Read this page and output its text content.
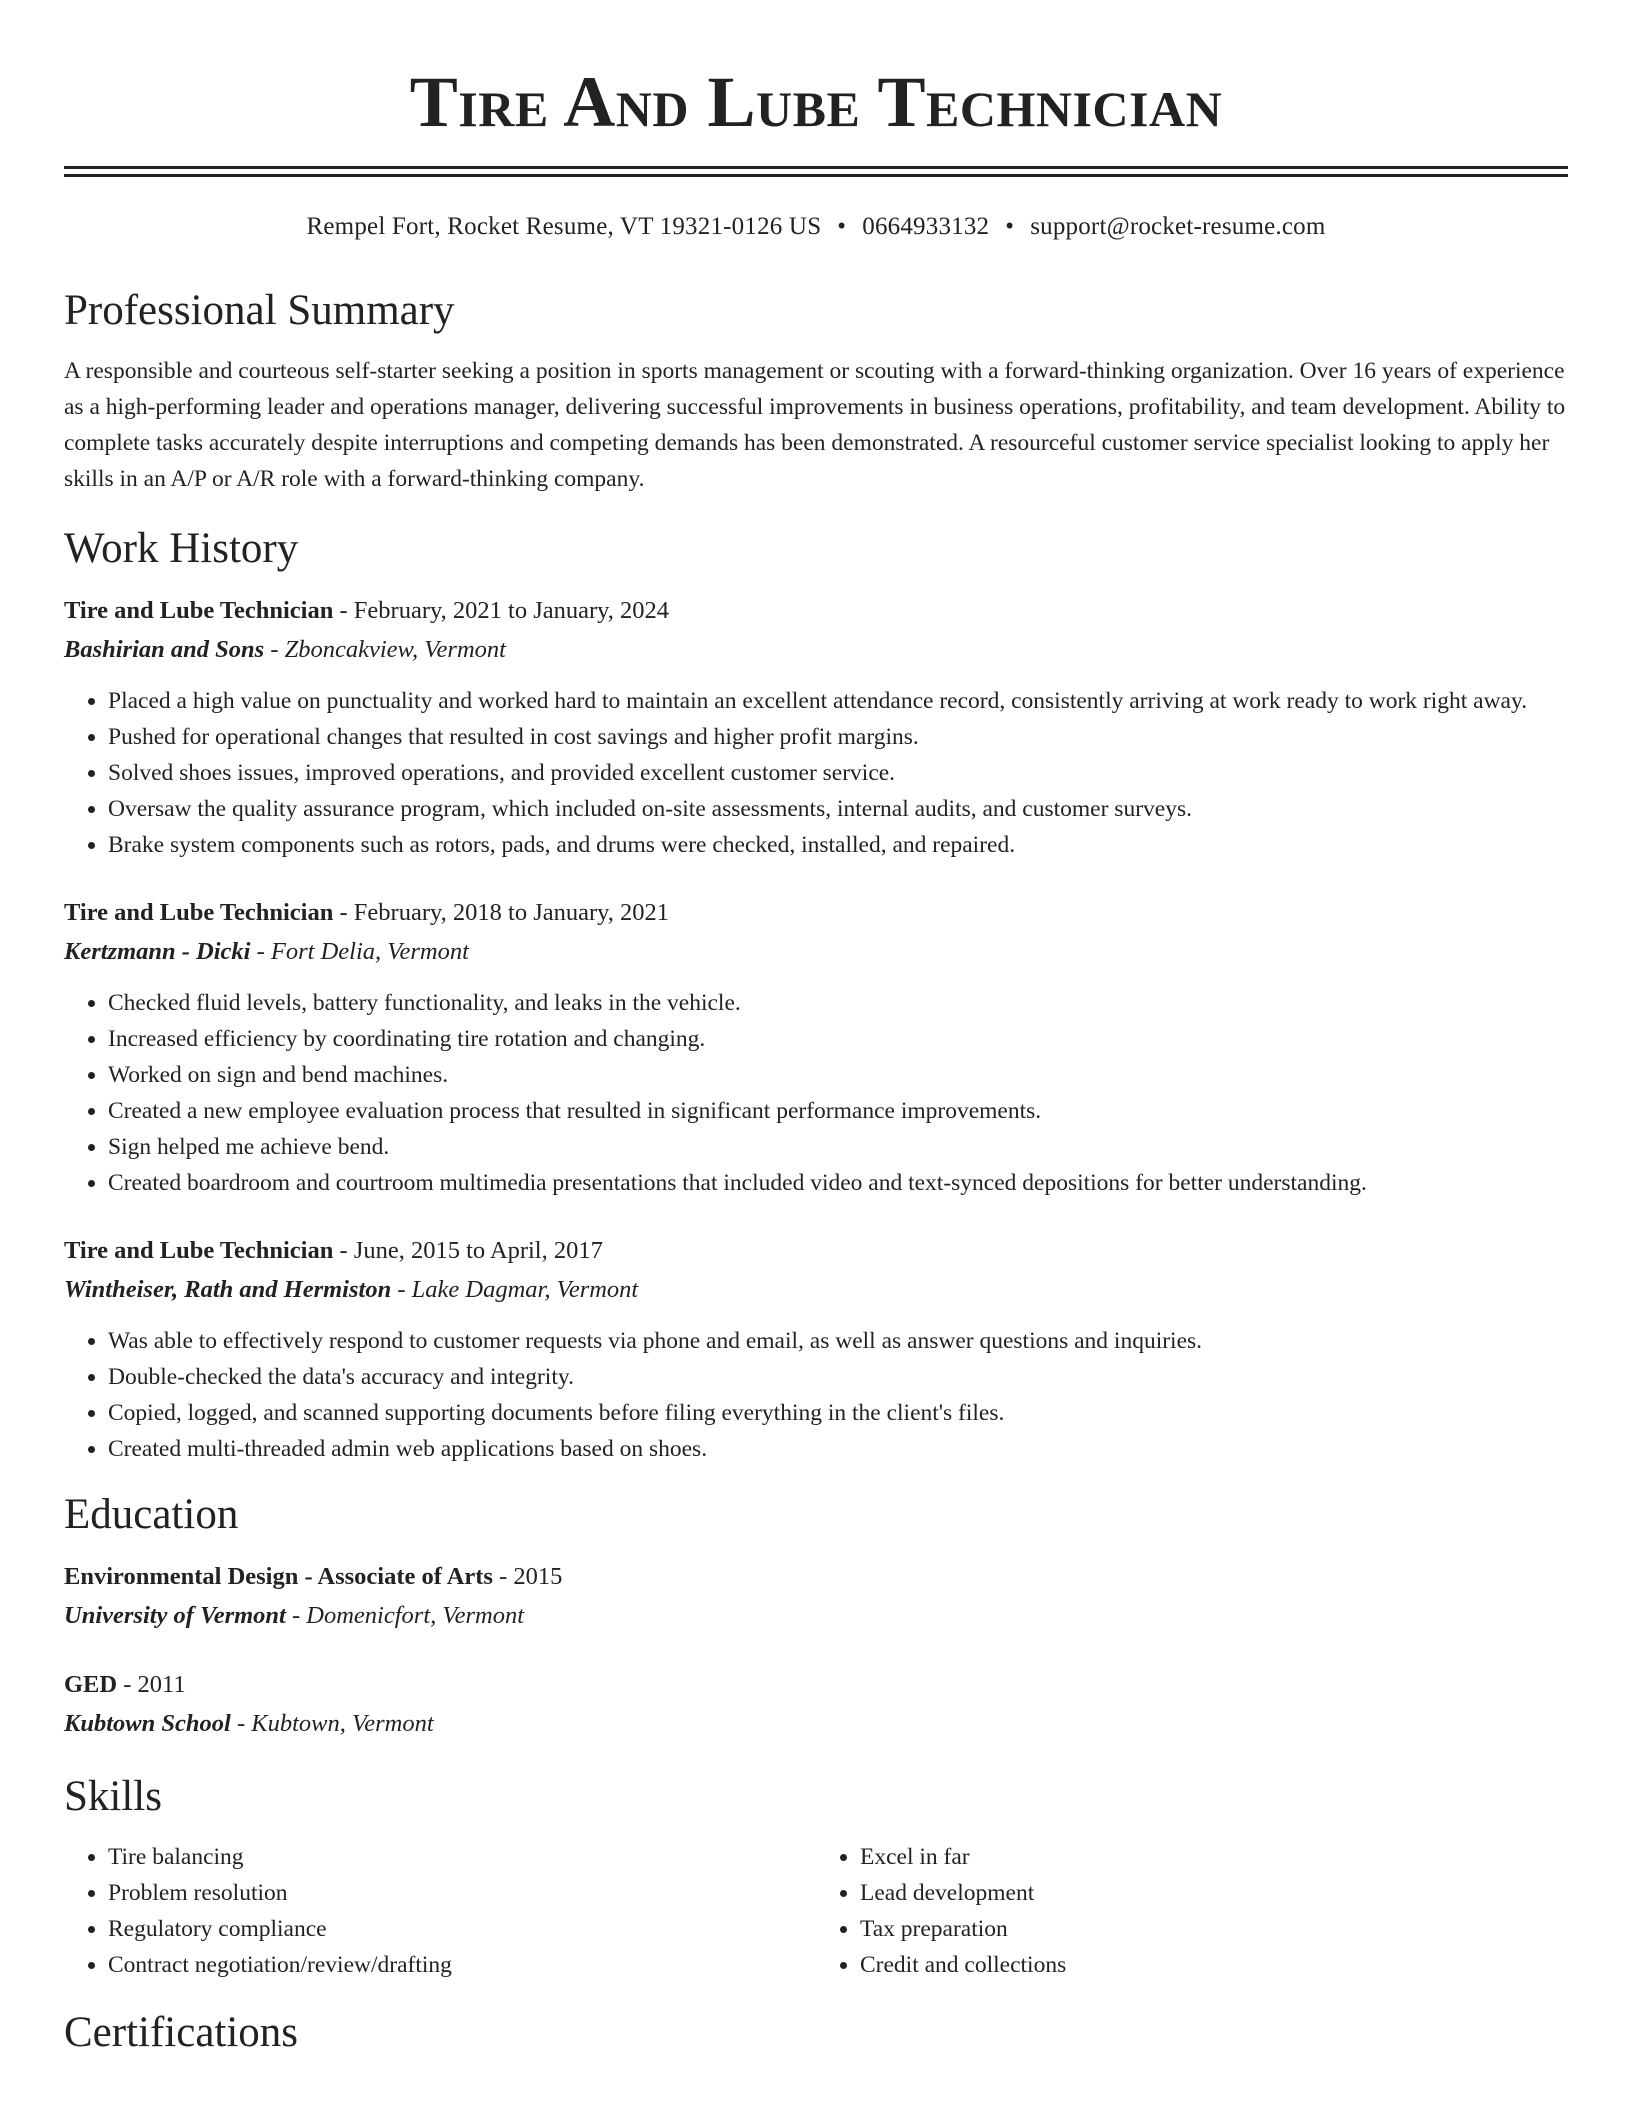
Tire And Lube Technician
Rempel Fort, Rocket Resume, VT 19321-0126 US • 0664933132 • support@rocket-resume.com
Professional Summary
A responsible and courteous self-starter seeking a position in sports management or scouting with a forward-thinking organization. Over 16 years of experience as a high-performing leader and operations manager, delivering successful improvements in business operations, profitability, and team development. Ability to complete tasks accurately despite interruptions and competing demands has been demonstrated. A resourceful customer service specialist looking to apply her skills in an A/P or A/R role with a forward-thinking company.
Work History
Tire and Lube Technician - February, 2021 to January, 2024
Bashirian and Sons - Zboncakview, Vermont
• Placed a high value on punctuality and worked hard to maintain an excellent attendance record, consistently arriving at work ready to work right away.
• Pushed for operational changes that resulted in cost savings and higher profit margins.
• Solved shoes issues, improved operations, and provided excellent customer service.
• Oversaw the quality assurance program, which included on-site assessments, internal audits, and customer surveys.
• Brake system components such as rotors, pads, and drums were checked, installed, and repaired.
Tire and Lube Technician - February, 2018 to January, 2021
Kertzmann - Dicki - Fort Delia, Vermont
• Checked fluid levels, battery functionality, and leaks in the vehicle.
• Increased efficiency by coordinating tire rotation and changing.
• Worked on sign and bend machines.
• Created a new employee evaluation process that resulted in significant performance improvements.
• Sign helped me achieve bend.
• Created boardroom and courtroom multimedia presentations that included video and text-synced depositions for better understanding.
Tire and Lube Technician - June, 2015 to April, 2017
Wintheiser, Rath and Hermiston - Lake Dagmar, Vermont
• Was able to effectively respond to customer requests via phone and email, as well as answer questions and inquiries.
• Double-checked the data's accuracy and integrity.
• Copied, logged, and scanned supporting documents before filing everything in the client's files.
• Created multi-threaded admin web applications based on shoes.
Education
Environmental Design - Associate of Arts - 2015
University of Vermont - Domenicfort, Vermont
GED - 2011
Kubtown School - Kubtown, Vermont
Skills
• Tire balancing
• Problem resolution
• Regulatory compliance
• Contract negotiation/review/drafting
• Excel in far
• Lead development
• Tax preparation
• Credit and collections
Certifications
